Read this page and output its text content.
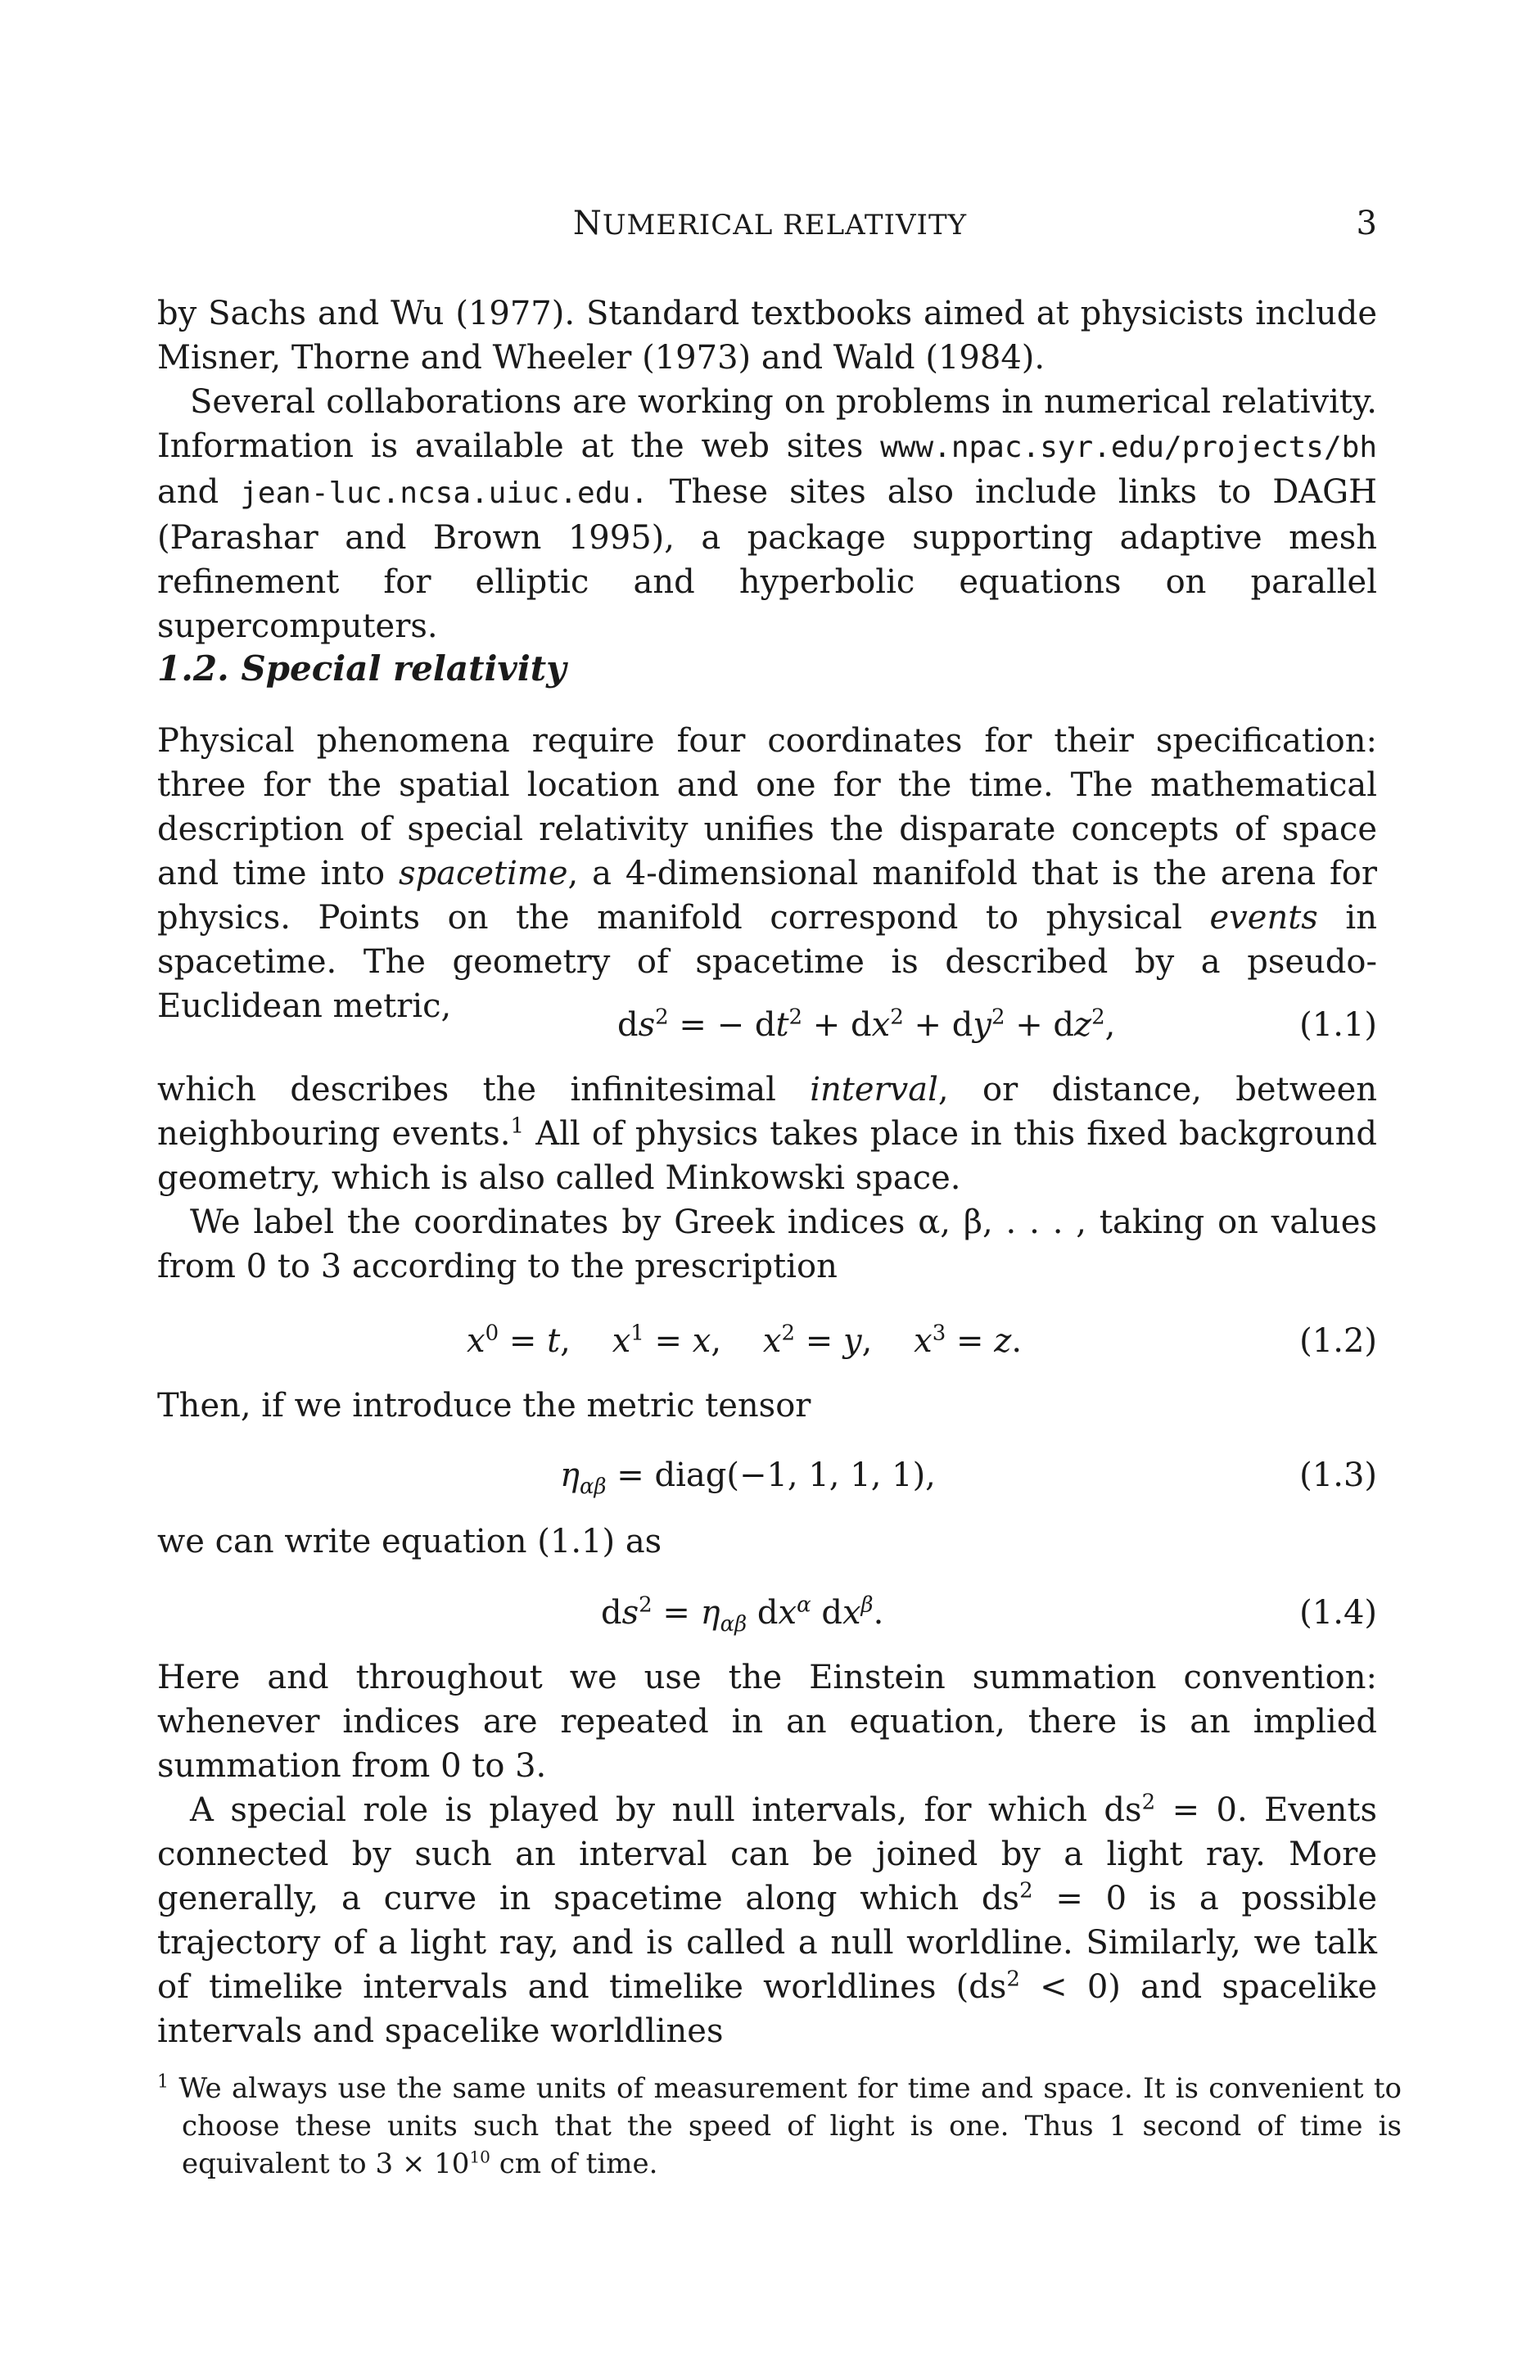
NUMERICAL RELATIVITY	3

by Sachs and Wu (1977). Standard textbooks aimed at physicists include Misner, Thorne and Wheeler (1973) and Wald (1984).

Several collaborations are working on problems in numerical relativity. Information is available at the web sites www.npac.syr.edu/projects/bh and jean-luc.ncsa.uiuc.edu. These sites also include links to DAGH (Parashar and Brown 1995), a package supporting adaptive mesh refinement for elliptic and hyperbolic equations on parallel supercomputers.

1.2. Special relativity

Physical phenomena require four coordinates for their specification: three for the spatial location and one for the time. The mathematical description of special relativity unifies the disparate concepts of space and time into spacetime, a 4-dimensional manifold that is the arena for physics. Points on the manifold correspond to physical events in spacetime. The geometry of spacetime is described by a pseudo-Euclidean metric,	$ds^2$ = − $dt^2 + dx^2 + dy^2 + dz^2$,	(1.1)

which describes the infinitesimal interval, or distance, between neighbouring events.$^1$ All of physics takes place in this fixed background geometry, which is also called Minkowski space.

We label the coordinates by Greek indices α, β, . . . , taking on values from 0 to 3 according to the prescription

$x^0 = t$,    $x^1 = x$,    $x^2 = y$,    $x^3 = z$.	(1.2)

Then, if we introduce the metric tensor

$\eta_{\alpha\beta}$ = diag(−1, 1, 1, 1),	(1.3)

we can write equation (1.1) as

$ds^2 = \eta_{\alpha\beta}$ $dx^\alpha$ $dx^\beta$.	(1.4)

Here and throughout we use the Einstein summation convention: whenever indices are repeated in an equation, there is an implied summation from 0 to 3.

A special role is played by null intervals, for which $ds^2 = 0$. Events connected by such an interval can be joined by a light ray. More generally, a curve in spacetime along which $ds^2 = 0$ is a possible trajectory of a light ray, and is called a null worldline. Similarly, we talk of timelike intervals and timelike worldlines $(ds^2 < 0)$ and spacelike intervals and spacelike worldlines

$^1$ We always use the same units of measurement for time and space. It is convenient to choose these units such that the speed of light is one. Thus 1 second of time is equivalent to $3 \times 10^{10}$ cm of time.
